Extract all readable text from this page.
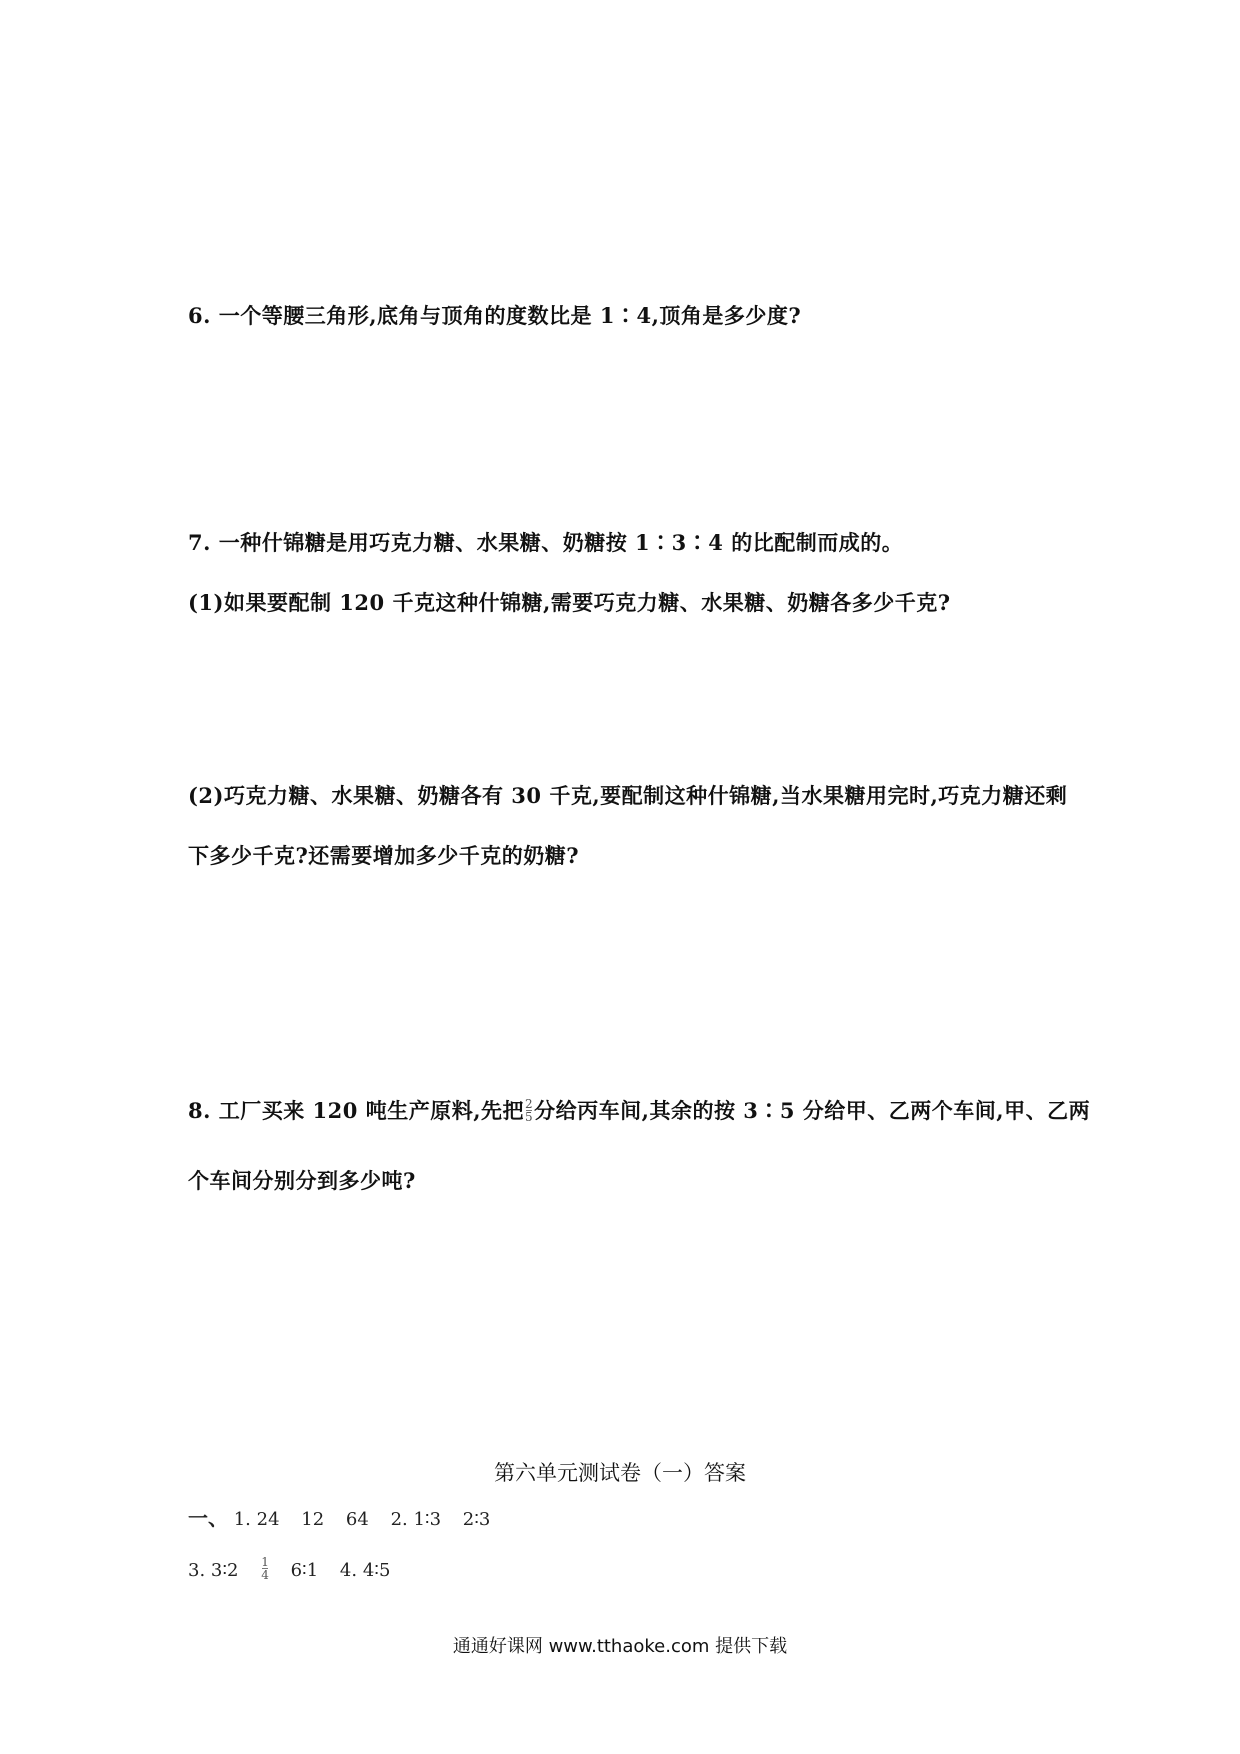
6. 一个等腰三角形,底角与顶角的度数比是 1∶4,顶角是多少度?
7. 一种什锦糖是用巧克力糖、水果糖、奶糖按 1∶3∶4 的比配制而成的。
(1)如果要配制 120 千克这种什锦糖,需要巧克力糖、水果糖、奶糖各多少千克?
(2)巧克力糖、水果糖、奶糖各有 30 千克,要配制这种什锦糖,当水果糖用完时,巧克力糖还剩
下多少千克?还需要增加多少千克的奶糖?
8. 工厂买来 120 吨生产原料,先把 $\frac{2}{5}$ 分给丙车间,其余的按 3∶5 分给甲、乙两个车间,甲、乙两
个车间分别分到多少吨?
第六单元测试卷（一）答案
一、 1. 24 12 64 2. 1∶3 2∶3
3. 3∶2 $\frac{1}{4}$ 6∶1 4. 4∶5
通通好课网 www.tthaoke.com 提供下载
